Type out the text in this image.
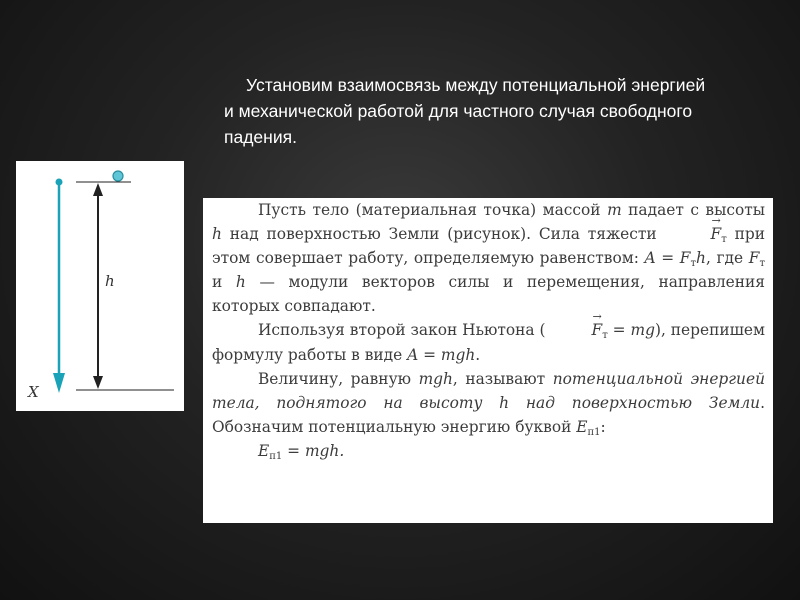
Установим взаимосвязь между потенциальной энергией
и механической работой для частного случая свободного
падения.
X
h

Пусть тело (материальная точка) массой m падает с высоты h над поверхностью Земли (рисунок). Сила тяжести	→ $F_т$ при этом совершает работу, определяемую равенством: $A = F_тh$, где $F_т$ и h — модули векторов силы и перемещения, направления которых совпадают.

Используя второй закон Ньютона (	→ $F_т = mg$), перепишем формулу работы в виде A = mgh.

Величину, равную mgh, называют потенциальной энергией тела, поднятого на высоту h над поверхностью Земли. Обозначим потенциальную энергию буквой $E_{п1}$:

$E_{п1}$ = mgh.
